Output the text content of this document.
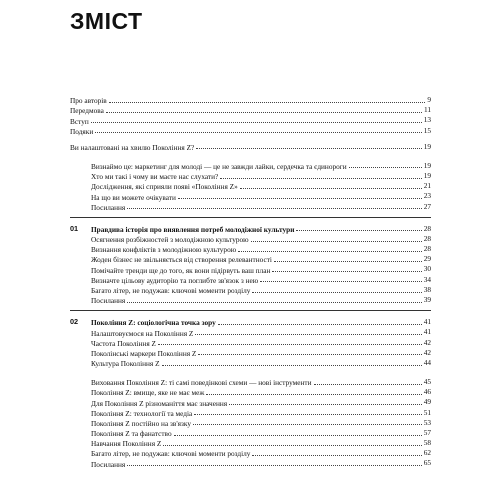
ЗМІСТ
Про авторів	9
Передмова	11
Вступ	13
Подяки	15
Ви налаштовані на хвилю Покоління Z?	19
Визнаймо це: маркетинг для молоді — це не завжди лайки, сердечка та єдинороги	19
Хто ми такі і чому ви маєте нас слухати?	19
Дослідження, які сприяли появі «Покоління Z»	21
На що ви можете очікувати	23
Посилання	27
01 Правдива історія про виявлення потреб молодіжної культури	28
Осягнення розбіжностей з молодіжною культурою	28
Визнання конфліктів з молодіжною культурою	28
Жоден бізнес не звільняється від створення релевантності	29
Помічайте тренди ще до того, як вони підірвуть ваш план	30
Визначте цільову аудиторію та поглибте зв'язок з нею	34
Багато літер, не подужав: ключові моменти розділу	38
Посилання	39
02 Покоління Z: соціологічна точка зору	41
Налаштовуємося на Покоління Z	41
Частота Покоління Z	42
Поколінські маркери Покоління Z	42
Культура Покоління Z	44
Виховання Покоління Z: ті самі поведінкові схеми — нові інструменти	45
Покоління Z: вмище, яке не має меж	46
Для Покоління Z різноманіття має значення	49
Покоління Z: технології та медіа	51
Покоління Z постійно на зв'язку	53
Покоління Z та фанатство	57
Навчання Покоління Z	58
Багато літер, не подужав: ключові моменти розділу	62
Посилання	65
